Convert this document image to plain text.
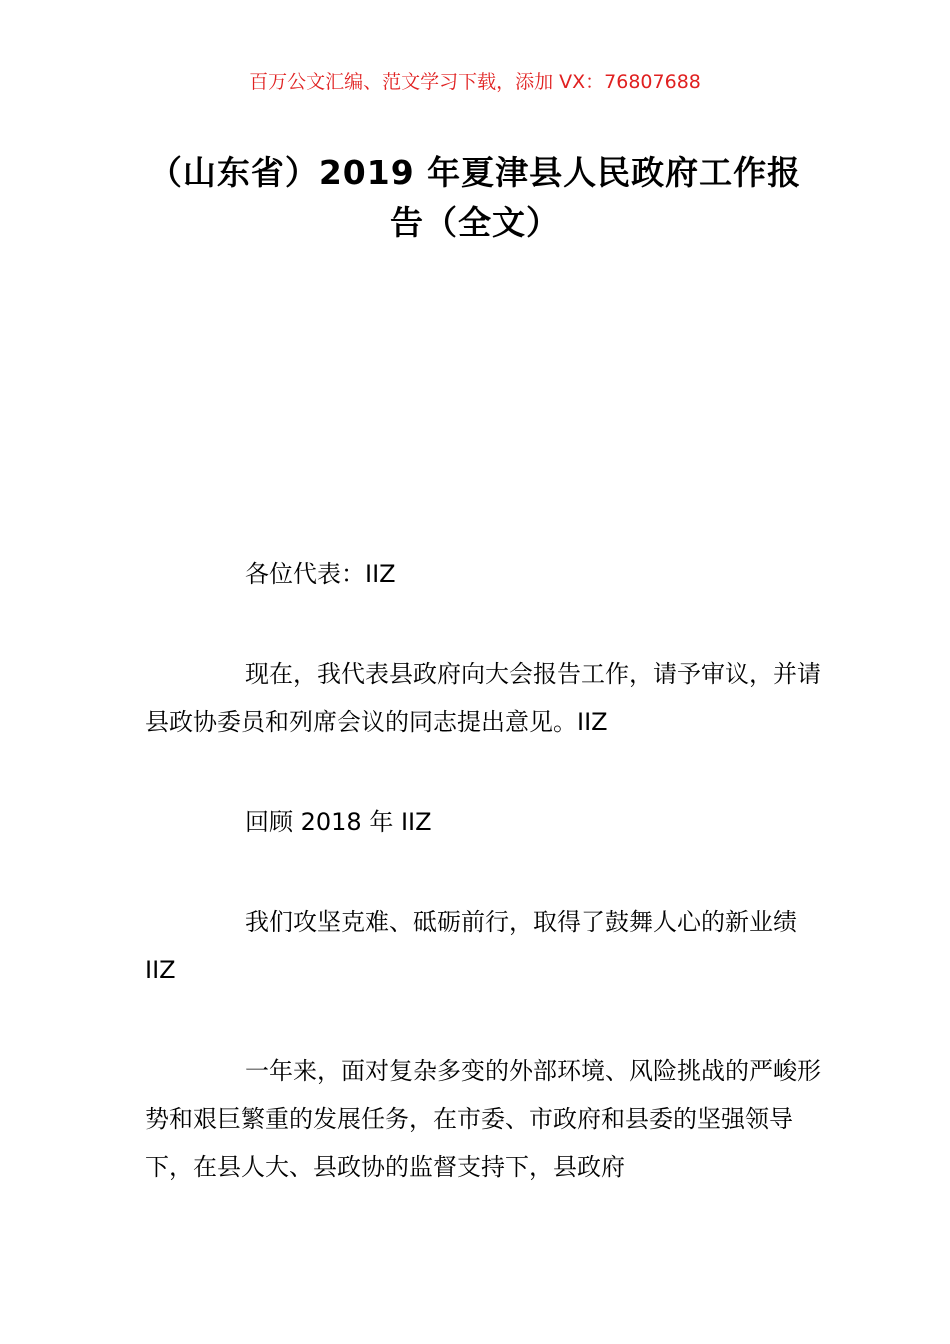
百万公文汇编、范文学习下载，添加 VX：76807688
（山东省）2019 年夏津县人民政府工作报告（全文）

各位代表：IIZ

现在，我代表县政府向大会报告工作，请予审议，并请县政协委员和列席会议的同志提出意见。IIZ

回顾 2018 年 IIZ

我们攻坚克难、砥砺前行，取得了鼓舞人心的新业绩 IIZ

一年来，面对复杂多变的外部环境、风险挑战的严峻形势和艰巨繁重的发展任务，在市委、市政府和县委的坚强领导下，在县人大、县政协的监督支持下，县政府
